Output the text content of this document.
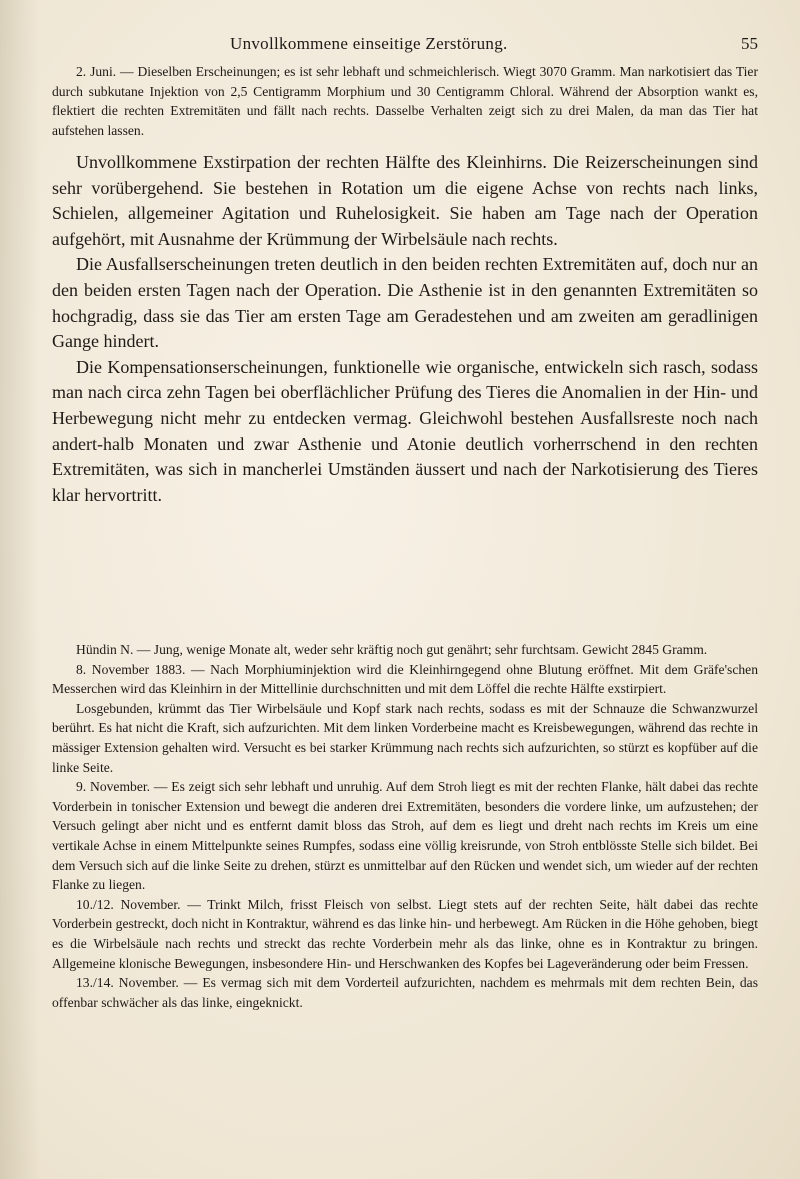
Unvollkommene einseitige Zerstörung.	55

2. Juni. — Dieselben Erscheinungen; es ist sehr lebhaft und schmeichlerisch. Wiegt 3070 Gramm. Man narkotisiert das Tier durch subkutane Injektion von 2,5 Centigramm Morphium und 30 Centigramm Chloral. Während der Absorption wankt es, flektiert die rechten Extremitäten und fällt nach rechts. Dasselbe Verhalten zeigt sich zu drei Malen, da man das Tier hat aufstehen lassen.

Unvollkommene Exstirpation der rechten Hälfte des Kleinhirns. Die Reizerscheinungen sind sehr vorübergehend. Sie bestehen in Rotation um die eigene Achse von rechts nach links, Schielen, allgemeiner Agitation und Ruhelosigkeit. Sie haben am Tage nach der Operation aufgehört, mit Ausnahme der Krümmung der Wirbelsäule nach rechts.

Die Ausfallserscheinungen treten deutlich in den beiden rechten Extremitäten auf, doch nur an den beiden ersten Tagen nach der Operation. Die Asthenie ist in den genannten Extremitäten so hochgradig, dass sie das Tier am ersten Tage am Geradestehen und am zweiten am geradlinigen Gange hindert.

Die Kompensationserscheinungen, funktionelle wie organische, entwickeln sich rasch, sodass man nach circa zehn Tagen bei oberflächlicher Prüfung des Tieres die Anomalien in der Hin- und Herbewegung nicht mehr zu entdecken vermag. Gleichwohl bestehen Ausfallsreste noch nach andert-halb Monaten und zwar Asthenie und Atonie deutlich vorherrschend in den rechten Extremitäten, was sich in mancherlei Umständen äussert und nach der Narkotisierung des Tieres klar hervortritt.

Hündin N. — Jung, wenige Monate alt, weder sehr kräftig noch gut genährt; sehr furchtsam. Gewicht 2845 Gramm.

8. November 1883. — Nach Morphiuminjektion wird die Kleinhirngegend ohne Blutung eröffnet. Mit dem Gräfe'schen Messerchen wird das Kleinhirn in der Mittellinie durchschnitten und mit dem Löffel die rechte Hälfte exstirpiert.

Losgebunden, krümmt das Tier Wirbelsäule und Kopf stark nach rechts, sodass es mit der Schnauze die Schwanzwurzel berührt. Es hat nicht die Kraft, sich aufzurichten. Mit dem linken Vorderbeine macht es Kreisbewegungen, während das rechte in mässiger Extension gehalten wird. Versucht es bei starker Krümmung nach rechts sich aufzurichten, so stürzt es kopfüber auf die linke Seite.

9. November. — Es zeigt sich sehr lebhaft und unruhig. Auf dem Stroh liegt es mit der rechten Flanke, hält dabei das rechte Vorderbein in tonischer Extension und bewegt die anderen drei Extremitäten, besonders die vordere linke, um aufzustehen; der Versuch gelingt aber nicht und es entfernt damit bloss das Stroh, auf dem es liegt und dreht nach rechts im Kreis um eine vertikale Achse in einem Mittelpunkte seines Rumpfes, sodass eine völlig kreisrunde, von Stroh entblösste Stelle sich bildet. Bei dem Versuch sich auf die linke Seite zu drehen, stürzt es unmittelbar auf den Rücken und wendet sich, um wieder auf der rechten Flanke zu liegen.

10./12. November. — Trinkt Milch, frisst Fleisch von selbst. Liegt stets auf der rechten Seite, hält dabei das rechte Vorderbein gestreckt, doch nicht in Kontraktur, während es das linke hin- und herbewegt. Am Rücken in die Höhe gehoben, biegt es die Wirbelsäule nach rechts und streckt das rechte Vorderbein mehr als das linke, ohne es in Kontraktur zu bringen. Allgemeine klonische Bewegungen, insbesondere Hin- und Herschwanken des Kopfes bei Lageveränderung oder beim Fressen.

13./14. November. — Es vermag sich mit dem Vorderteil aufzurichten, nachdem es mehrmals mit dem rechten Bein, das offenbar schwächer als das linke, eingeknickt.
